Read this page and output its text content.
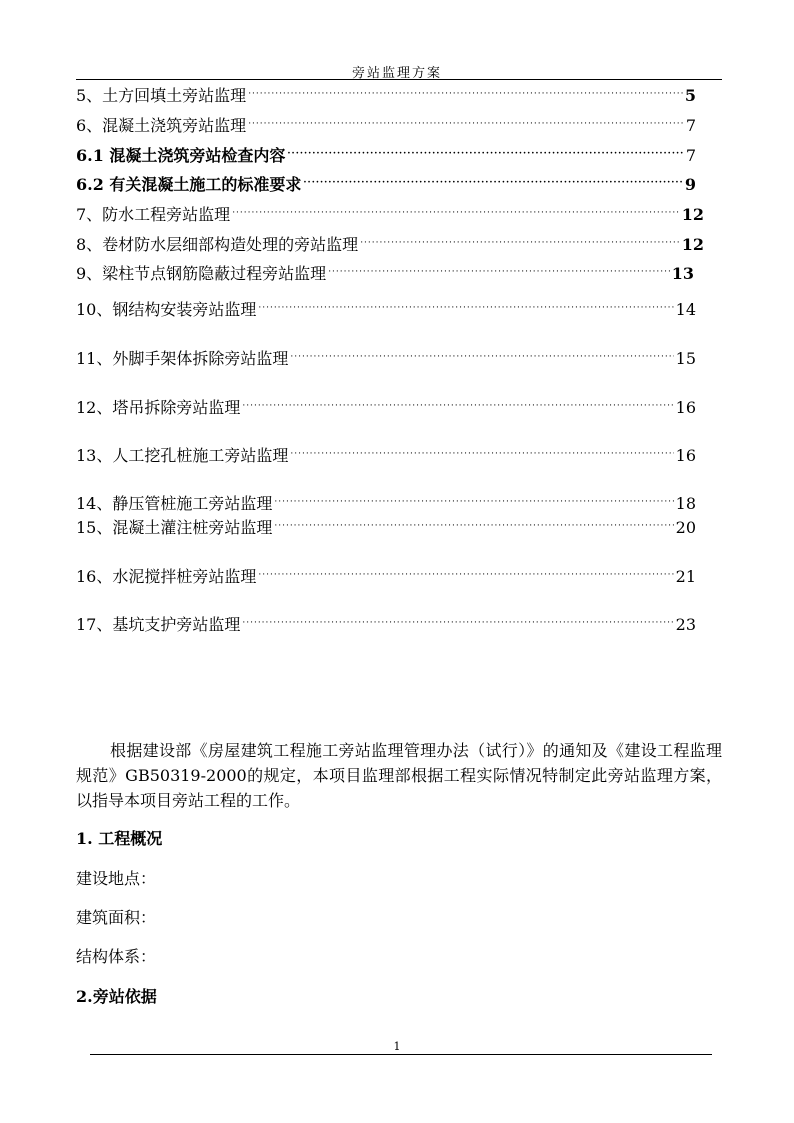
旁站监理方案
5、土方回填土旁站监理 ·····	5
6、混凝土浇筑旁站监理 ·····	7
6.1 混凝土浇筑旁站检查内容 ·····	7
6.2 有关混凝土施工的标准要求 ·····	9
7、防水工程旁站监理 ·····	12
8、卷材防水层细部构造处理的旁站监理 ·····	12
9、梁柱节点钢筋隐蔽过程旁站监理 ·····	13
10、钢结构安装旁站监理 ·····	14
11、外脚手架体拆除旁站监理 ·····	15
12、塔吊拆除旁站监理 ·····	16
13、人工挖孔桩施工旁站监理 ·····	16
14、静压管桩施工旁站监理 ·····	18
15、混凝土灌注桩旁站监理 ·····	20
16、水泥搅拌桩旁站监理 ·····	21
17、基坑支护旁站监理 ·····	23

根据建设部《房屋建筑工程施工旁站监理管理办法（试行）》的通知及《建设工程监理规范》GB50319-2000的规定，本项目监理部根据工程实际情况特制定此旁站监理方案，以指导本项目旁站工程的工作。

1. 工程概况
建设地点：
建筑面积：
结构体系：
2.旁站依据
1
